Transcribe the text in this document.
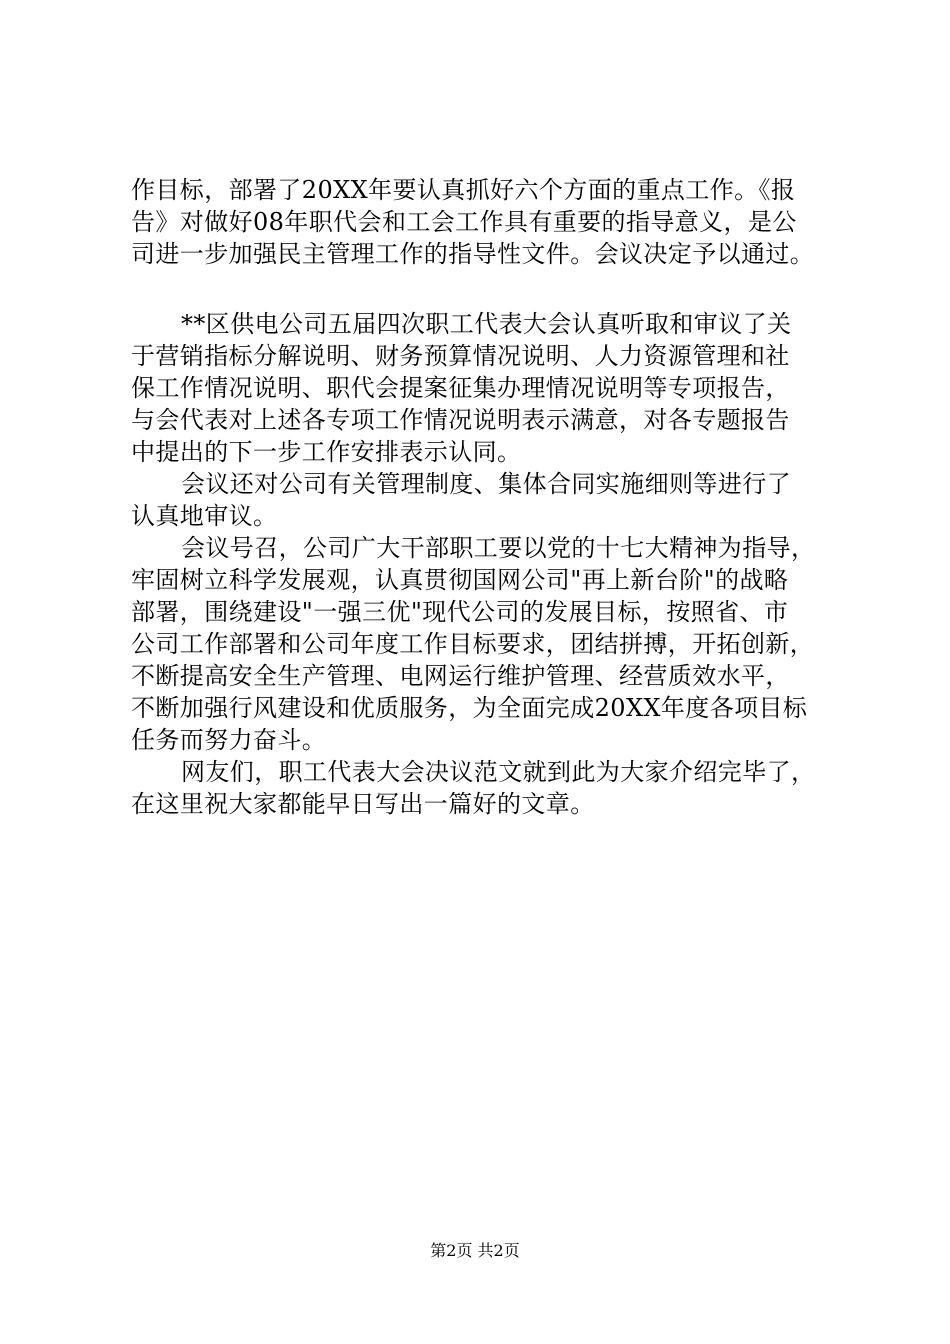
作目标，部署了20XX年要认真抓好六个方面的重点工作。《报
告》对做好08年职代会和工会工作具有重要的指导意义，是公
司进一步加强民主管理工作的指导性文件。会议决定予以通过。
**区供电公司五届四次职工代表大会认真听取和审议了关
于营销指标分解说明、财务预算情况说明、人力资源管理和社
保工作情况说明、职代会提案征集办理情况说明等专项报告，
与会代表对上述各专项工作情况说明表示满意，对各专题报告
中提出的下一步工作安排表示认同。
会议还对公司有关管理制度、集体合同实施细则等进行了
认真地审议。
会议号召，公司广大干部职工要以党的十七大精神为指导，
牢固树立科学发展观，认真贯彻国网公司"再上新台阶"的战略
部署，围绕建设"一强三优"现代公司的发展目标，按照省、市
公司工作部署和公司年度工作目标要求，团结拼搏，开拓创新，
不断提高安全生产管理、电网运行维护管理、经营质效水平，
不断加强行风建设和优质服务，为全面完成20XX年度各项目标
任务而努力奋斗。
网友们，职工代表大会决议范文就到此为大家介绍完毕了，
在这里祝大家都能早日写出一篇好的文章。
第2页 共2页
